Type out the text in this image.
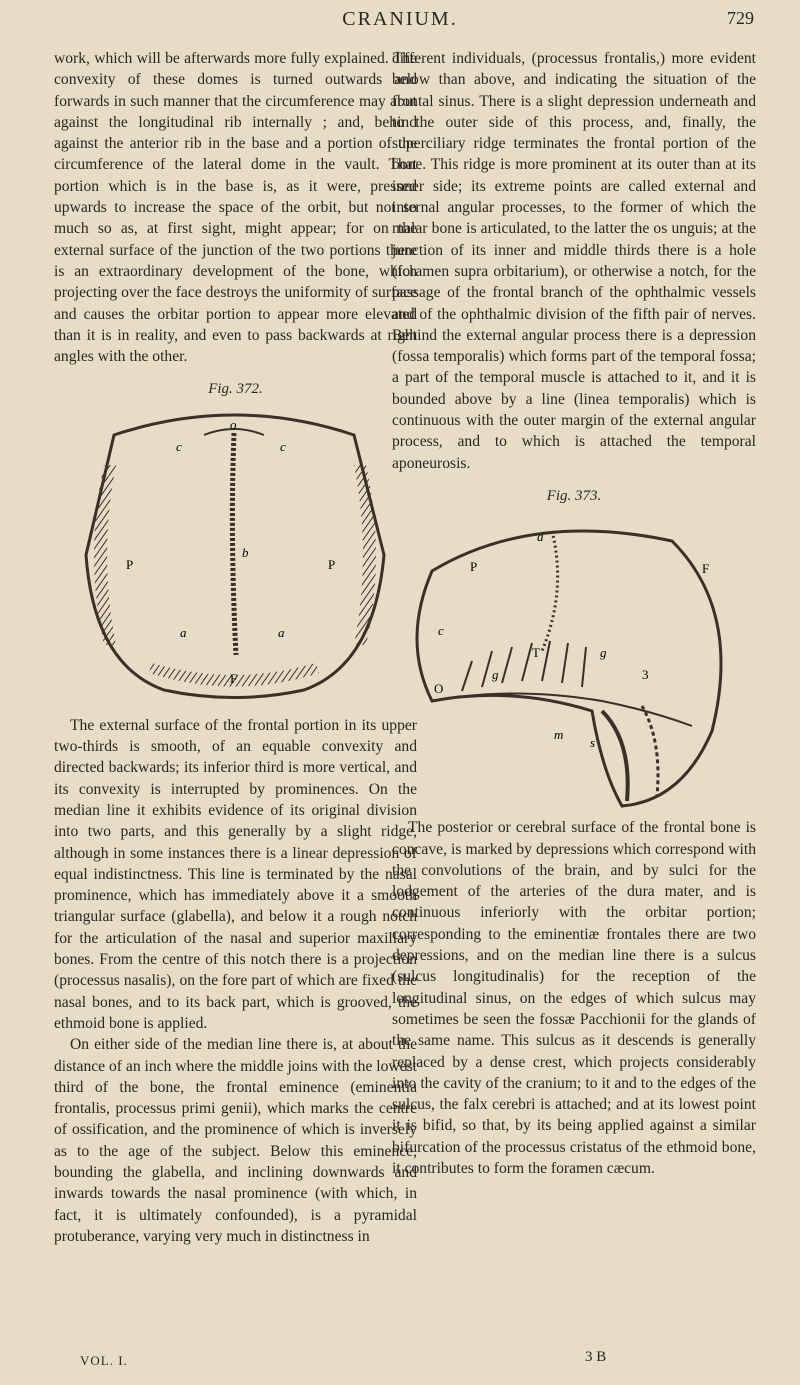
CRANIUM.	729

work, which will be afterwards more fully explained. The convexity of these domes is turned outwards and forwards in such manner that the circumference may abut against the longitudinal rib internally ; and, behind against the anterior rib in the base and a portion of the circumference of the lateral dome in the vault. That portion which is in the base is, as it were, pressed upwards to increase the space of the orbit, but not so much so as, at first sight, might appear; for on the external surface of the junction of the two portions there is an extraordinary development of the bone, which projecting over the face destroys the uniformity of surface and causes the orbitar portion to appear more elevated than it is in reality, and even to pass backwards at right angles with the other.

Fig. 372.
o
c	c
b
P	P
a	a
F

The external surface of the frontal portion in its upper two-thirds is smooth, of an equable convexity and directed backwards; its inferior third is more vertical, and its convexity is interrupted by prominences. On the median line it exhibits evidence of its original division into two parts, and this generally by a slight ridge, although in some instances there is a linear depression of equal indistinctness. This line is terminated by the nasal prominence, which has immediately above it a smooth triangular surface (glabella), and below it a rough notch for the articulation of the nasal and superior maxillary bones. From the centre of this notch there is a projection (processus nasalis), on the fore part of which are fixed the nasal bones, and to its back part, which is grooved, the ethmoid bone is applied.

On either side of the median line there is, at about the distance of an inch where the middle joins with the lowest third of the bone, the frontal eminence (eminentia frontalis, processus primi genii), which marks the centre of ossification, and the prominence of which is inversely as to the age of the subject. Below this eminence, bounding the glabella, and inclining downwards and inwards towards the nasal prominence (with which, in fact, it is ultimately confounded), is a pyramidal protuberance, varying very much in distinctness in

different individuals, (processus frontalis,) more evident below than above, and indicating the situation of the frontal sinus. There is a slight depression underneath and to the outer side of this process, and, finally, the superciliary ridge terminates the frontal portion of the bone. This ridge is more prominent at its outer than at its inner side; its extreme points are called external and internal angular processes, to the former of which the malar bone is articulated, to the latter the os unguis; at the junction of its inner and middle thirds there is a hole (foramen supra orbitarium), or otherwise a notch, for the passage of the frontal branch of the ophthalmic vessels and of the ophthalmic division of the fifth pair of nerves. Behind the external angular process there is a depression (fossa temporalis) which forms part of the temporal fossa; a part of the temporal muscle is attached to it, and it is bounded above by a line (linea temporalis) which is continuous with the outer margin of the external angular process, and to which is attached the temporal aponeurosis.

Fig. 373.
a
P	F
c
T
g
g
O
3
m
s

The posterior or cerebral surface of the frontal bone is concave, is marked by depressions which correspond with the convolutions of the brain, and by sulci for the lodgement of the arteries of the dura mater, and is continuous inferiorly with the orbitar portion; corresponding to the eminentiæ frontales there are two depressions, and on the median line there is a sulcus (sulcus longitudinalis) for the reception of the longitudinal sinus, on the edges of which sulcus may sometimes be seen the fossæ Pacchionii for the glands of the same name. This sulcus as it descends is generally replaced by a dense crest, which projects considerably into the cavity of the cranium; to it and to the edges of the sulcus, the falx cerebri is attached; and at its lowest point it is bifid, so that, by its being applied against a similar bifurcation of the processus cristatus of the ethmoid bone, it contributes to form the foramen cæcum.

VOL. I.	3 B
